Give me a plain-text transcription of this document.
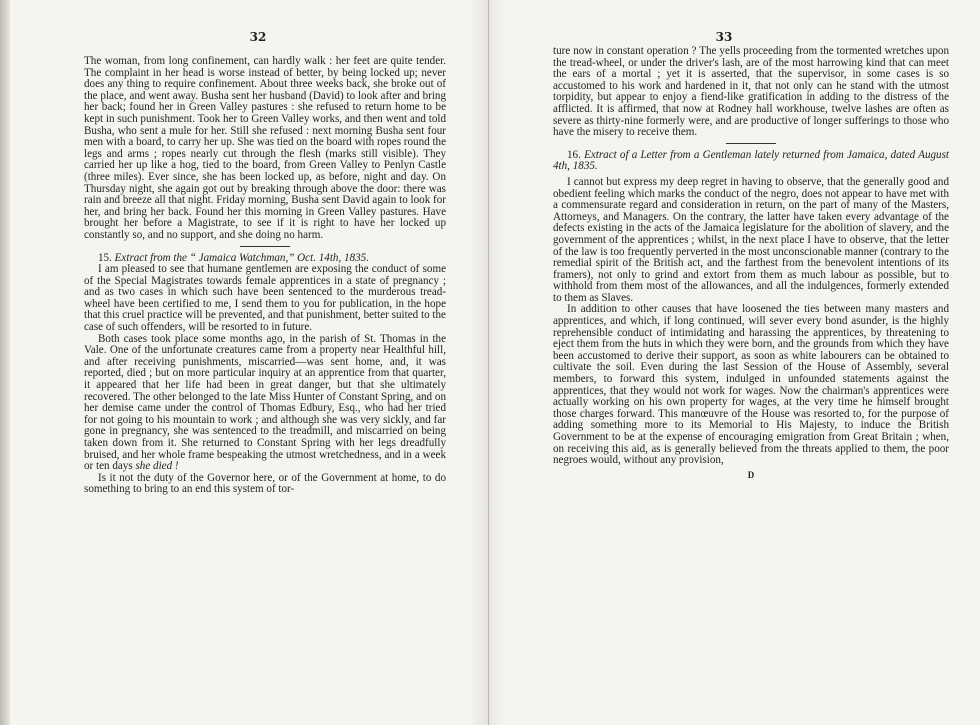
32

The woman, from long confinement, can hardly walk : her feet are quite tender. The complaint in her head is worse instead of better, by being locked up; never does any thing to require confinement. About three weeks back, she broke out of the place, and went away. Busha sent her husband (David) to look after and bring her back; found her in Green Valley pastures : she refused to return home to be kept in such punishment. Took her to Green Valley works, and then went and told Busha, who sent a mule for her. Still she refused : next morning Busha sent four men with a board, to carry her up. She was tied on the board with ropes round the legs and arms ; ropes nearly cut through the flesh (marks still visible). They carried her up like a hog, tied to the board, from Green Valley to Penlyn Castle (three miles). Ever since, she has been locked up, as before, night and day. On Thursday night, she again got out by breaking through above the door: there was rain and breeze all that night. Friday morning, Busha sent David again to look for her, and bring her back. Found her this morning in Green Valley pastures. Have brought her before a Magistrate, to see if it is right to have her locked up constantly so, and no support, and she doing no harm.

15. Extract from the “ Jamaica Watchman,” Oct. 14th, 1835.

I am pleased to see that humane gentlemen are exposing the conduct of some of the Special Magistrates towards female apprentices in a state of pregnancy ; and as two cases in which such have been sentenced to the murderous tread-wheel have been certified to me, I send them to you for publication, in the hope that this cruel practice will be prevented, and that punishment, better suited to the case of such offenders, will be resorted to in future.

Both cases took place some months ago, in the parish of St. Thomas in the Vale. One of the unfortunate creatures came from a property near Healthful hill, and after receiving punishments, miscarried—was sent home, and, it was reported, died ; but on more particular inquiry at an apprentice from that quarter, it appeared that her life had been in great danger, but that she ultimately recovered. The other belonged to the late Miss Hunter of Constant Spring, and on her demise came under the control of Thomas Edbury, Esq., who had her tried for not going to his mountain to work ; and although she was very sickly, and far gone in pregnancy, she was sentenced to the treadmill, and miscarried on being taken down from it. She returned to Constant Spring with her legs dreadfully bruised, and her whole frame bespeaking the utmost wretchedness, and in a week or ten days she died !

Is it not the duty of the Governor here, or of the Government at home, to do something to bring to an end this system of tor-

33

ture now in constant operation ? The yells proceeding from the tormented wretches upon the tread-wheel, or under the driver's lash, are of the most harrowing kind that can meet the ears of a mortal ; yet it is asserted, that the supervisor, in some cases is so accustomed to his work and hardened in it, that not only can he stand with the utmost torpidity, but appear to enjoy a fiend-like gratification in adding to the distress of the afflicted. It is affirmed, that now at Rodney hall workhouse, twelve lashes are often as severe as thirty-nine formerly were, and are productive of longer sufferings to those who have the misery to receive them.

16. Extract of a Letter from a Gentleman lately returned from Jamaica, dated August 4th, 1835.

I cannot but express my deep regret in having to observe, that the generally good and obedient feeling which marks the conduct of the negro, does not appear to have met with a commensurate regard and consideration in return, on the part of many of the Masters, Attorneys, and Managers. On the contrary, the latter have taken every advantage of the defects existing in the acts of the Jamaica legislature for the abolition of slavery, and the government of the apprentices ; whilst, in the next place I have to observe, that the letter of the law is too frequently perverted in the most unconscionable manner (contrary to the remedial spirit of the British act, and the farthest from the benevolent intentions of its framers), not only to grind and extort from them as much labour as possible, but to withhold from them most of the allowances, and all the indulgences, formerly extended to them as Slaves.

In addition to other causes that have loosened the ties between many masters and apprentices, and which, if long continued, will sever every bond asunder, is the highly reprehensible conduct of intimidating and harassing the apprentices, by threatening to eject them from the huts in which they were born, and the grounds from which they have been accustomed to derive their support, as soon as white labourers can be obtained to cultivate the soil. Even during the last Session of the House of Assembly, several members, to forward this system, indulged in unfounded statements against the apprentices, that they would not work for wages. Now the chairman's apprentices were actually working on his own property for wages, at the very time he himself brought those charges forward. This manœuvre of the House was resorted to, for the purpose of adding something more to its Memorial to His Majesty, to induce the British Government to be at the expense of encouraging emigration from Great Britain ; when, on receiving this aid, as is generally believed from the threats applied to them, the poor negroes would, without any provision,

D
